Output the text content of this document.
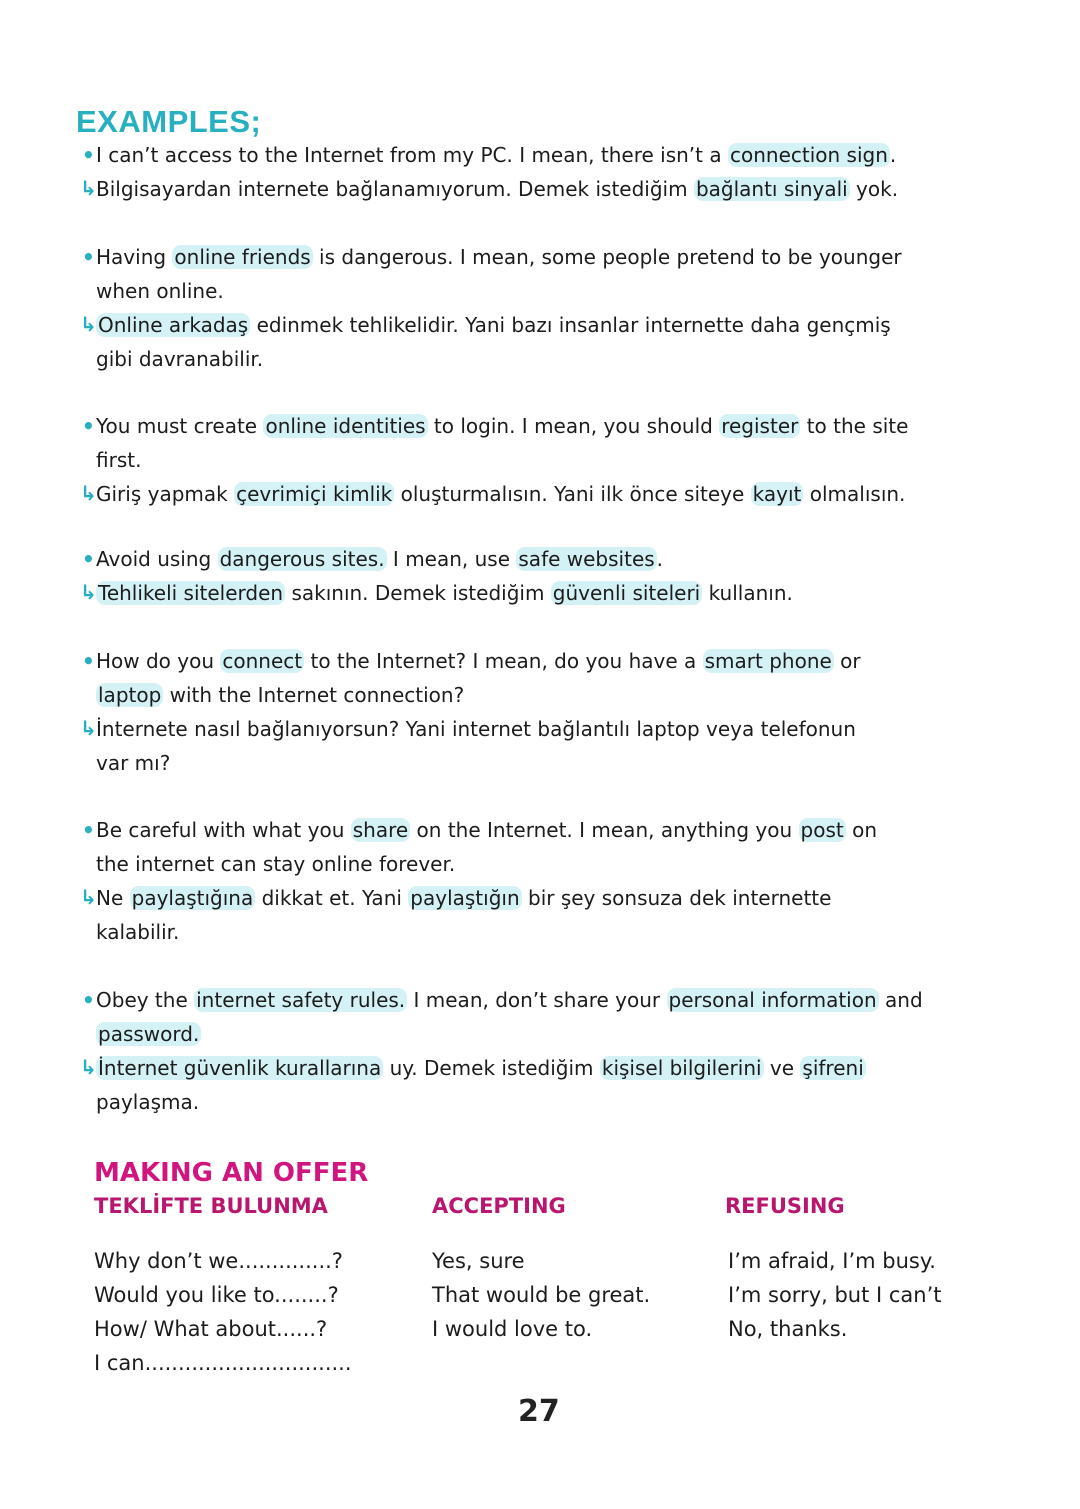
EXAMPLES;
• I can’t access to the Internet from my PC. I mean, there isn’t a connection sign .
↳ Bilgisayardan internete bağlanamıyorum. Demek istediğim bağlantı sinyali yok.
• Having online friends is dangerous. I mean, some people pretend to be younger
when online.
↳ Online arkadaş edinmek tehlikelidir. Yani bazı insanlar internette daha gençmiş
gibi davranabilir.
• You must create online identities to login. I mean, you should register to the site
first.
↳ Giriş yapmak çevrimiçi kimlik oluşturmalısın. Yani ilk önce siteye kayıt olmalısın.
• Avoid using dangerous sites. I mean, use safe websites .
↳ Tehlikeli sitelerden sakının. Demek istediğim güvenli siteleri kullanın.
• How do you connect to the Internet? I mean, do you have a smart phone or
laptop with the Internet connection?
↳ İnternete nasıl bağlanıyorsun? Yani internet bağlantılı laptop veya telefonun
var mı?
• Be careful with what you share on the Internet. I mean, anything you post on
the internet can stay online forever.
↳ Ne paylaştığına dikkat et. Yani paylaştığın bir şey sonsuza dek internette
kalabilir.
• Obey the internet safety rules. I mean, don’t share your personal information and
password.
↳ İnternet güvenlik kurallarına uy. Demek istediğim kişisel bilgilerini ve şifreni
paylaşma.
MAKING AN OFFER
TEKLİFTE BULUNMA	ACCEPTING	REFUSING
Why don’t we..............?
Would you like to........?
How/ What about......?
I can...............................
Yes, sure
That would be great.
I would love to.
I’m afraid, I’m busy.
I’m sorry, but I can’t
No, thanks.
27
